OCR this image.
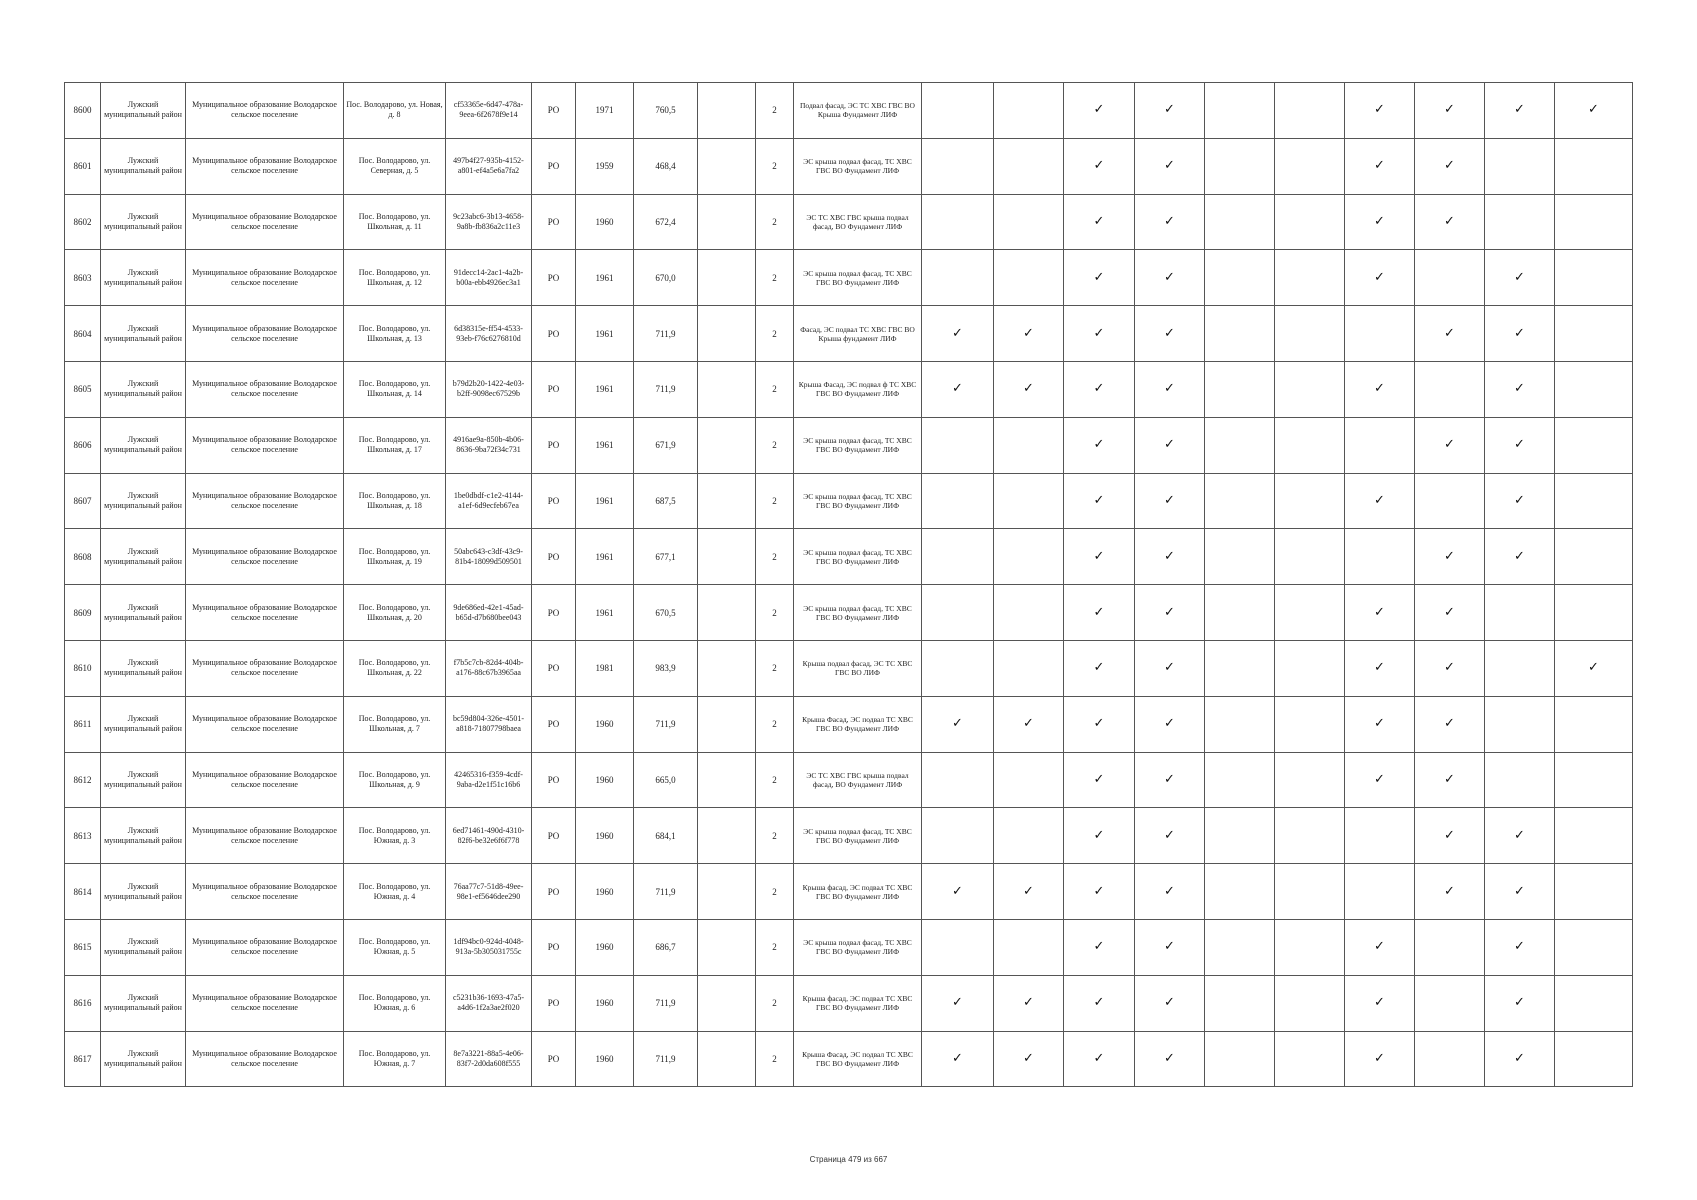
8600	Лужский муниципальный район	Муниципальное образование Володарское сельское поселение	Пос. Володарово, ул. Новая, д. 8	cf53365e-6d47-478a-9eea-6f2678f9e14	РО	1971	760,5		2	Подвал фасад, ЭС ТС ХВС ГВС ВО Крыша Фундамент ЛИФ			✓	✓			✓	✓	✓	✓
8601	Лужский муниципальный район	Муниципальное образование Володарское сельское поселение	Пос. Володарово, ул. Северная, д. 5	497b4f27-935b-4152-a801-ef4a5e6a7fa2	РО	1959	468,4		2	ЭС крыша подвал фасад, ТС ХВС ГВС ВО Фундамент ЛИФ			✓	✓			✓	✓		
8602	Лужский муниципальный район	Муниципальное образование Володарское сельское поселение	Пос. Володарово, ул. Школьная, д. 11	9c23abc6-3b13-4658-9a8b-fb836a2c11e3	РО	1960	672,4		2	ЭС ТС ХВС ГВС крыша подвал фасад, ВО Фундамент ЛИФ			✓	✓			✓	✓		
8603	Лужский муниципальный район	Муниципальное образование Володарское сельское поселение	Пос. Володарово, ул. Школьная, д. 12	91decc14-2ac1-4a2b-b00a-ebb4926ec3a1	РО	1961	670,0		2	ЭС крыша подвал фасад, ТС ХВС ГВС ВО Фундамент ЛИФ			✓	✓			✓		✓	
8604	Лужский муниципальный район	Муниципальное образование Володарское сельское поселение	Пос. Володарово, ул. Школьная, д. 13	6d38315e-ff54-4533-93eb-f76c6276810d	РО	1961	711,9		2	Фасад, ЭС подвал ТС ХВС ГВС ВО Крыша фундамент ЛИФ	✓	✓	✓	✓				✓	✓	
8605	Лужский муниципальный район	Муниципальное образование Володарское сельское поселение	Пос. Володарово, ул. Школьная, д. 14	b79d2b20-1422-4e03-b2ff-9098ec67529b	РО	1961	711,9		2	Крыша Фасад, ЭС подвал ф ТС ХВС ГВС ВО Фундамент ЛИФ	✓	✓	✓	✓			✓		✓	
8606	Лужский муниципальный район	Муниципальное образование Володарское сельское поселение	Пос. Володарово, ул. Школьная, д. 17	4916ae9a-850b-4b06-8636-9ba72f34c731	РО	1961	671,9		2	ЭС крыша подвал фасад, ТС ХВС ГВС ВО Фундамент ЛИФ			✓	✓				✓	✓	
8607	Лужский муниципальный район	Муниципальное образование Володарское сельское поселение	Пос. Володарово, ул. Школьная, д. 18	1be0dbdf-c1e2-4144-a1ef-6d9ecfeb67ea	РО	1961	687,5		2	ЭС крыша подвал фасад, ТС ХВС ГВС ВО Фундамент ЛИФ			✓	✓			✓		✓	
8608	Лужский муниципальный район	Муниципальное образование Володарское сельское поселение	Пос. Володарово, ул. Школьная, д. 19	50abc643-c3df-43c9-81b4-18099d509501	РО	1961	677,1		2	ЭС крыша подвал фасад, ТС ХВС ГВС ВО Фундамент ЛИФ			✓	✓				✓	✓	
8609	Лужский муниципальный район	Муниципальное образование Володарское сельское поселение	Пос. Володарово, ул. Школьная, д. 20	9de686ed-42e1-45ad-b65d-d7b680bee043	РО	1961	670,5		2	ЭС крыша подвал фасад, ТС ХВС ГВС ВО Фундамент ЛИФ			✓	✓			✓	✓		
8610	Лужский муниципальный район	Муниципальное образование Володарское сельское поселение	Пос. Володарово, ул. Школьная, д. 22	f7b5c7cb-82d4-404b-a176-88c67b3965aa	РО	1981	983,9		2	Крыша подвал фасад, ЭС ТС ХВС ГВС ВО ЛИФ			✓	✓			✓	✓		✓
8611	Лужский муниципальный район	Муниципальное образование Володарское сельское поселение	Пос. Володарово, ул. Школьная, д. 7	bc59d804-326e-4501-a818-71807798baea	РО	1960	711,9		2	Крыша Фасад, ЭС подвал ТС ХВС ГВС ВО Фундамент ЛИФ	✓	✓	✓	✓			✓	✓		
8612	Лужский муниципальный район	Муниципальное образование Володарское сельское поселение	Пос. Володарово, ул. Школьная, д. 9	42465316-f359-4cdf-9aba-d2e1f51c16b6	РО	1960	665,0		2	ЭС ТС ХВС ГВС крыша подвал фасад, ВО Фундамент ЛИФ			✓	✓			✓	✓		
8613	Лужский муниципальный район	Муниципальное образование Володарское сельское поселение	Пос. Володарово, ул. Южная, д. 3	6ed71461-490d-4310-82f6-be32e6f6f778	РО	1960	684,1		2	ЭС крыша подвал фасад, ТС ХВС ГВС ВО Фундамент ЛИФ			✓	✓				✓	✓	
8614	Лужский муниципальный район	Муниципальное образование Володарское сельское поселение	Пос. Володарово, ул. Южная, д. 4	76aa77c7-51d8-49ee-98e1-ef5646dee290	РО	1960	711,9		2	Крыша фасад, ЭС подвал ТС ХВС ГВС ВО Фундамент ЛИФ	✓	✓	✓	✓				✓	✓	
8615	Лужский муниципальный район	Муниципальное образование Володарское сельское поселение	Пос. Володарово, ул. Южная, д. 5	1df94bc0-924d-4048-913a-5b305031755c	РО	1960	686,7		2	ЭС крыша подвал фасад, ТС ХВС ГВС ВО Фундамент ЛИФ			✓	✓			✓		✓	
8616	Лужский муниципальный район	Муниципальное образование Володарское сельское поселение	Пос. Володарово, ул. Южная, д. 6	c5231b36-1693-47a5-a4d6-1f2a3ae2f020	РО	1960	711,9		2	Крыша фасад, ЭС подвал ТС ХВС ГВС ВО Фундамент ЛИФ	✓	✓	✓	✓			✓		✓	
8617	Лужский муниципальный район	Муниципальное образование Володарское сельское поселение	Пос. Володарово, ул. Южная, д. 7	8e7a3221-88a5-4e06-83f7-2d0da608f555	РО	1960	711,9		2	Крыша Фасад, ЭС подвал ТС ХВС ГВС ВО Фундамент ЛИФ	✓	✓	✓	✓			✓		✓	
Страница 479 из 667
